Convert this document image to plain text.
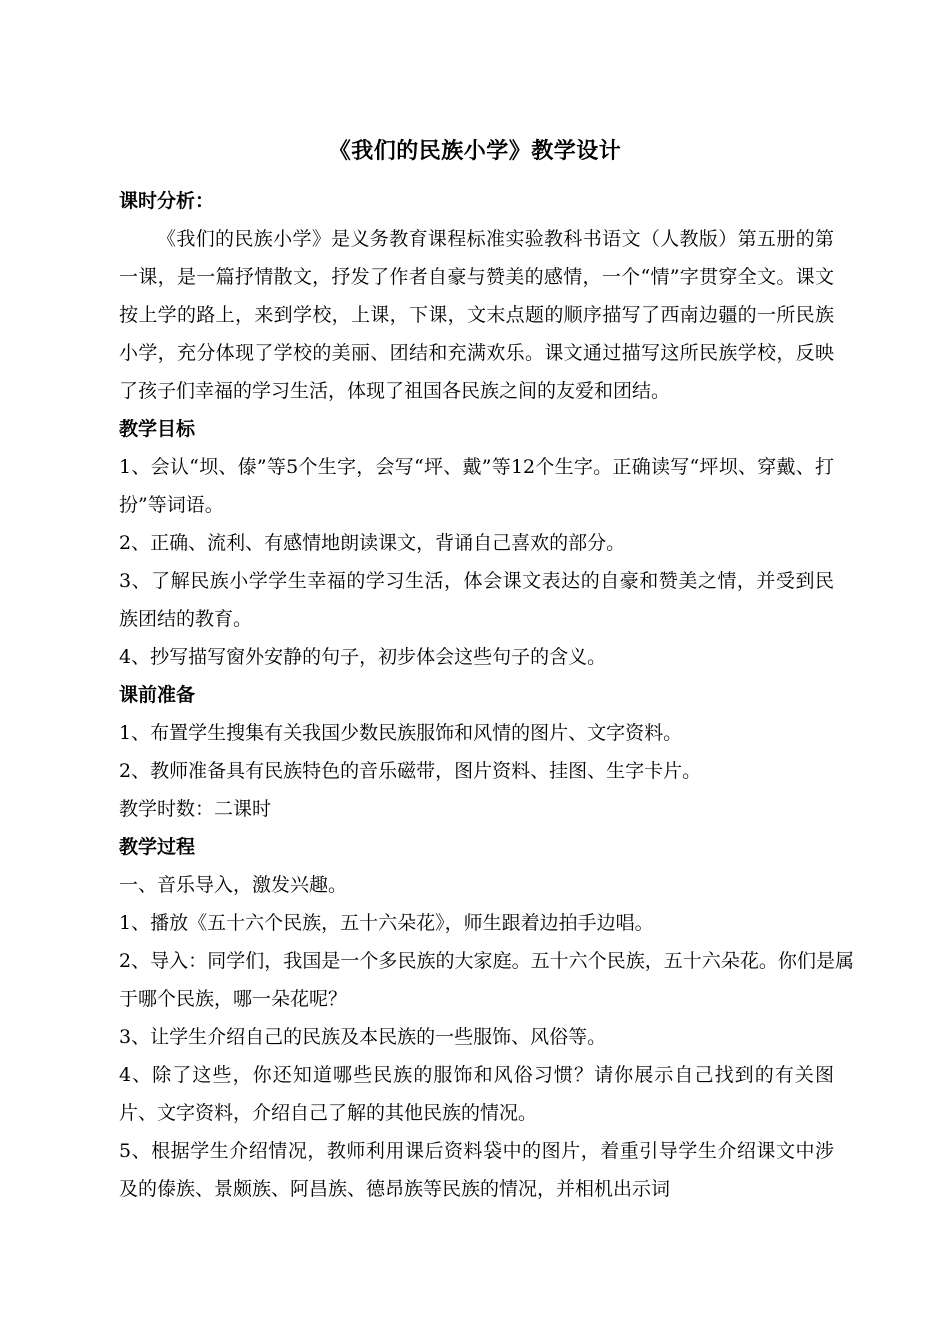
《我们的民族小学》教学设计
课时分析：

《我们的民族小学》是义务教育课程标准实验教科书语文（人教版）第五册的第一课，是一篇抒情散文，抒发了作者自豪与赞美的感情，一个“情”字贯穿全文。课文按上学的路上，来到学校，上课，下课，文末点题的顺序描写了西南边疆的一所民族小学，充分体现了学校的美丽、团结和充满欢乐。课文通过描写这所民族学校，反映了孩子们幸福的学习生活，体现了祖国各民族之间的友爱和团结。

教学目标

1、会认“坝、傣”等5个生字，会写“坪、戴”等12个生字。正确读写“坪坝、穿戴、打扮”等词语。

2、正确、流利、有感情地朗读课文，背诵自己喜欢的部分。

3、了解民族小学学生幸福的学习生活，体会课文表达的自豪和赞美之情，并受到民族团结的教育。

4、抄写描写窗外安静的句子，初步体会这些句子的含义。

课前准备

1、布置学生搜集有关我国少数民族服饰和风情的图片、文字资料。

2、教师准备具有民族特色的音乐磁带，图片资料、挂图、生字卡片。

教学时数：二课时

教学过程

一、音乐导入，激发兴趣。

1、播放《五十六个民族，五十六朵花》，师生跟着边拍手边唱。

2、导入：同学们，我国是一个多民族的大家庭。五十六个民族，五十六朵花。你们是属于哪个民族，哪一朵花呢？

3、让学生介绍自己的民族及本民族的一些服饰、风俗等。

4、除了这些，你还知道哪些民族的服饰和风俗习惯？请你展示自己找到的有关图片、文字资料，介绍自己了解的其他民族的情况。

5、根据学生介绍情况，教师利用课后资料袋中的图片，着重引导学生介绍课文中涉及的傣族、景颇族、阿昌族、德昂族等民族的情况，并相机出示词
